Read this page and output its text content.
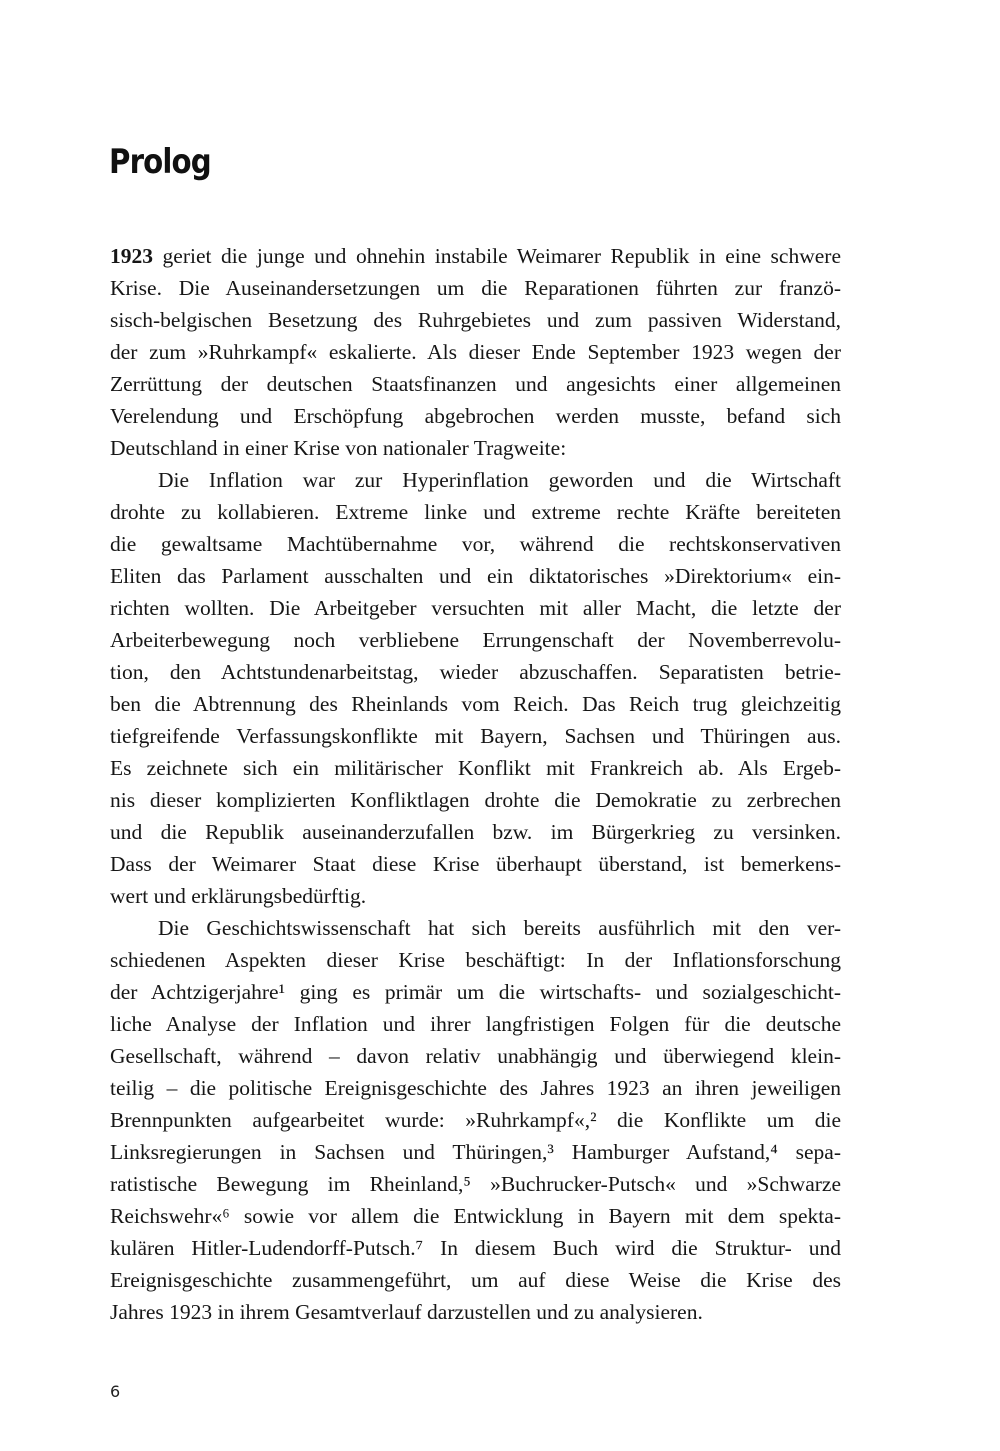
Prolog
1923 geriet die junge und ohnehin instabile Weimarer Republik in eine schwere
Krise. Die Auseinandersetzungen um die Reparationen führten zur franzö-
sisch-belgischen Besetzung des Ruhrgebietes und zum passiven Widerstand,
der zum »Ruhrkampf« eskalierte. Als dieser Ende September 1923 wegen der
Zerrüttung der deutschen Staatsfinanzen und angesichts einer allgemeinen
Verelendung und Erschöpfung abgebrochen werden musste, befand sich
Deutschland in einer Krise von nationaler Tragweite:
Die Inflation war zur Hyperinflation geworden und die Wirtschaft
drohte zu kollabieren. Extreme linke und extreme rechte Kräfte bereiteten
die gewaltsame Machtübernahme vor, während die rechtskonservativen
Eliten das Parlament ausschalten und ein diktatorisches »Direktorium« ein-
richten wollten. Die Arbeitgeber versuchten mit aller Macht, die letzte der
Arbeiterbewegung noch verbliebene Errungenschaft der Novemberrevolu-
tion, den Achtstundenarbeitstag, wieder abzuschaffen. Separatisten betrie-
ben die Abtrennung des Rheinlands vom Reich. Das Reich trug gleichzeitig
tiefgreifende Verfassungskonflikte mit Bayern, Sachsen und Thüringen aus.
Es zeichnete sich ein militärischer Konflikt mit Frankreich ab. Als Ergeb-
nis dieser komplizierten Konfliktlagen drohte die Demokratie zu zerbrechen
und die Republik auseinanderzufallen bzw. im Bürgerkrieg zu versinken.
Dass der Weimarer Staat diese Krise überhaupt überstand, ist bemerkens-
wert und erklärungsbedürftig.
Die Geschichtswissenschaft hat sich bereits ausführlich mit den ver-
schiedenen Aspekten dieser Krise beschäftigt: In der Inflationsforschung
der Achtzigerjahre¹ ging es primär um die wirtschafts- und sozialgeschicht-
liche Analyse der Inflation und ihrer langfristigen Folgen für die deutsche
Gesellschaft, während – davon relativ unabhängig und überwiegend klein-
teilig – die politische Ereignisgeschichte des Jahres 1923 an ihren jeweiligen
Brennpunkten aufgearbeitet wurde: »Ruhrkampf«,² die Konflikte um die
Linksregierungen in Sachsen und Thüringen,³ Hamburger Aufstand,⁴ sepa-
ratistische Bewegung im Rheinland,⁵ »Buchrucker-Putsch« und »Schwarze
Reichswehr«⁶ sowie vor allem die Entwicklung in Bayern mit dem spekta-
kulären Hitler-Ludendorff-Putsch.⁷ In diesem Buch wird die Struktur- und
Ereignisgeschichte zusammengeführt, um auf diese Weise die Krise des
Jahres 1923 in ihrem Gesamtverlauf darzustellen und zu analysieren.
6
